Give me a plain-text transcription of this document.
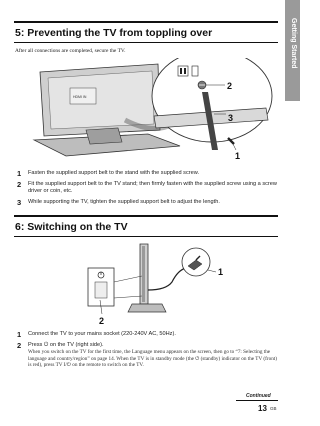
Getting Started
5: Preventing the TV from toppling over
After all connections are completed, secure the TV.
HDMI IN
2
3
1
1 Fasten the supplied support belt to the stand with the supplied screw.
2 Fit the supplied support belt to the TV stand; then firmly fasten with the supplied screw using a screw driver or coin, etc.
3 While supporting the TV, tighten the supplied support belt to adjust the length.
6: Switching on the TV
1
2
1 Connect the TV to your mains socket (220-240V AC, 50Hz).
2 Press ⏻ on the TV (right side).
When you switch on the TV for the first time, the Language menu appears on the screen, then go to “7: Selecting the language and country/region” on page 14. When the TV is in standby mode (the ⏻ (standby) indicator on the TV (front) is red), press TV I/⏻ on the remote to switch on the TV.
Continued
13 GB
